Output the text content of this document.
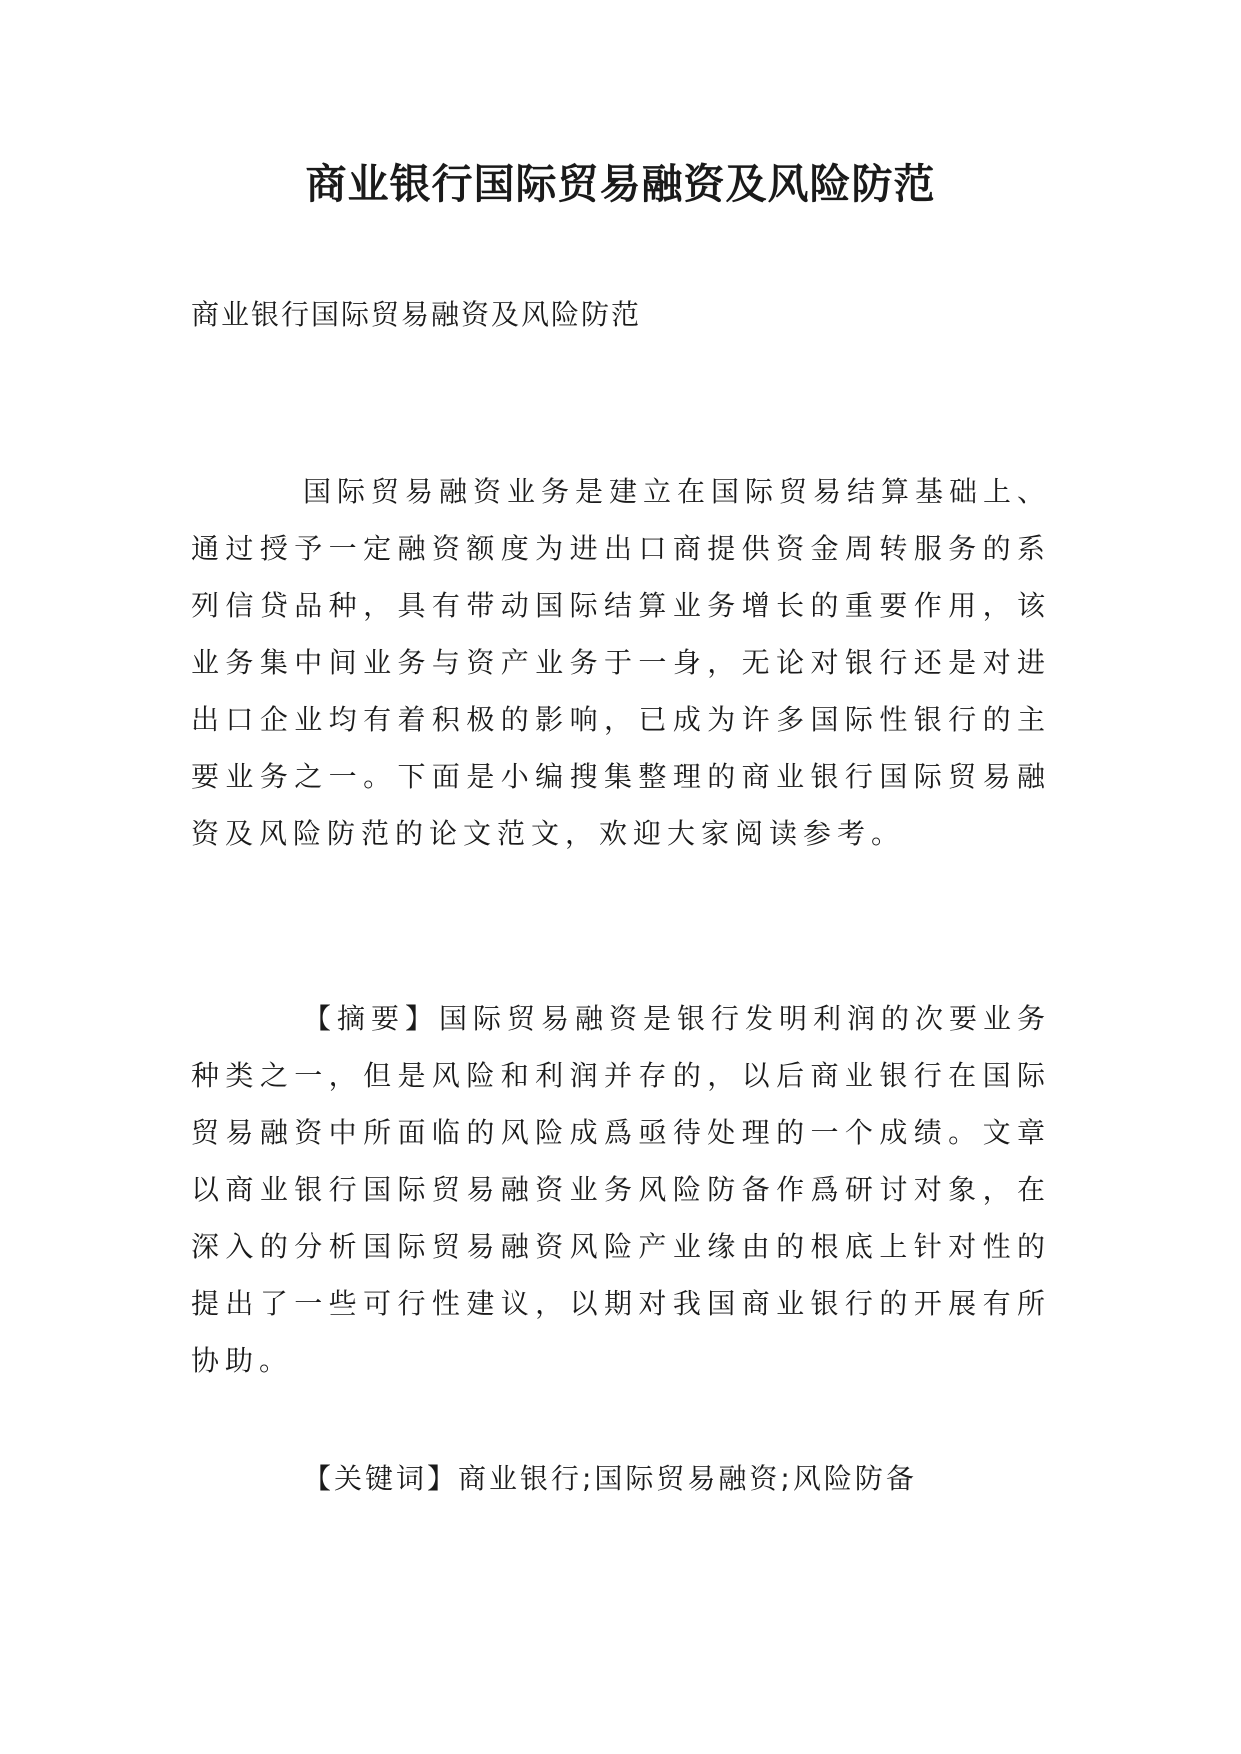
商业银行国际贸易融资及风险防范
商业银行国际贸易融资及风险防范

国际贸易融资业务是建立在国际贸易结算基础上、通过授予一定融资额度为进出口商提供资金周转服务的系列信贷品种，具有带动国际结算业务增长的重要作用，该业务集中间业务与资产业务于一身，无论对银行还是对进出口企业均有着积极的影响，已成为许多国际性银行的主要业务之一。下面是小编搜集整理的商业银行国际贸易融资及风险防范的论文范文，欢迎大家阅读参考。

【摘要】国际贸易融资是银行发明利润的次要业务种类之一，但是风险和利润并存的，以后商业银行在国际贸易融资中所面临的风险成爲亟待处理的一个成绩。文章以商业银行国际贸易融资业务风险防备作爲研讨对象，在深入的分析国际贸易融资风险产业缘由的根底上针对性的提出了一些可行性建议，以期对我国商业银行的开展有所协助。

【关键词】商业银行;国际贸易融资;风险防备
